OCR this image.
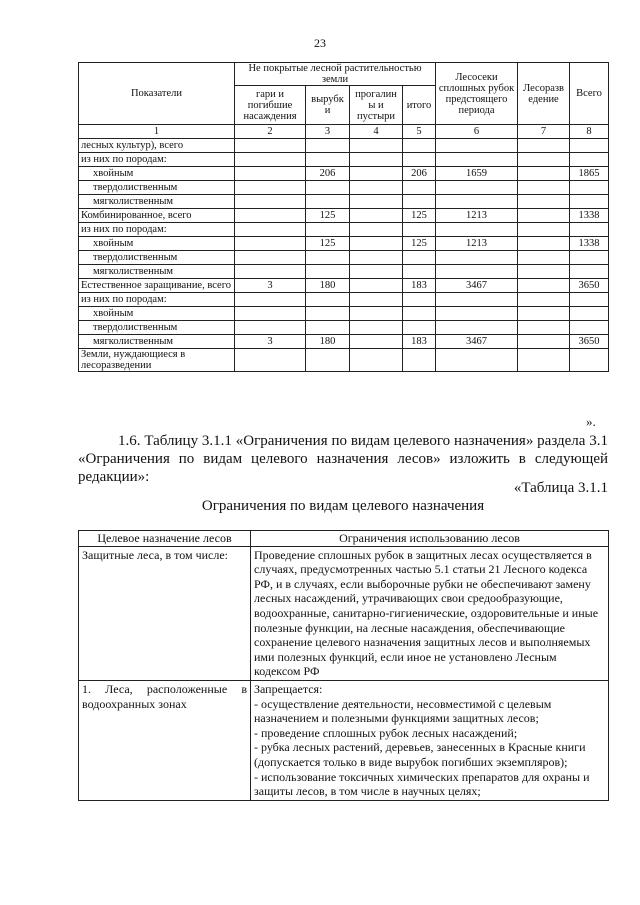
23
Показатели	Не покрытые лесной растительностью земли				Лесосеки сплошных рубок предстоящего периода	Лесоразв едение	Всего
	гари и погибшие насаждения	вырубк и	прогалин ы и пустыри	итого			
1	2	3	4	5	6	7	8
лесных культур), всего							
из них по породам:							
хвойным		206		206	1659		1865
твердолиственным							
мягколиственным							
Комбинированное, всего		125		125	1213		1338
из них по породам:							
хвойным		125		125	1213		1338
твердолиственным							
мягколиственным							
Естественное заращивание, всего	3	180		183	3467		3650
из них по породам:							
хвойным							
твердолиственным							
мягколиственным	3	180		183	3467		3650
Земли, нуждающиеся в лесоразведении							
».

1.6. Таблицу 3.1.1 «Ограничения по видам целевого назначения» раздела 3.1 «Ограничения по видам целевого назначения лесов» изложить в следующей редакции»:

«Таблица 3.1.1
Ограничения по видам целевого назначения
Целевое назначение лесов	Ограничения использованию лесов
Защитные леса, в том числе:	Проведение сплошных рубок в защитных лесах осуществляется в случаях, предусмотренных частью 5.1 статьи 21 Лесного кодекса РФ, и в случаях, если выборочные рубки не обеспечивают замену лесных насаждений, утрачивающих свои средообразующие, водоохранные, санитарно-гигиенические, оздоровительные и иные полезные функции, на лесные насаждения, обеспечивающие сохранение целевого назначения защитных лесов и выполняемых ими полезных функций, если иное не установлено Лесным кодексом РФ
1. Леса, расположенные в водоохранных зонах	Запрещается:
- осуществление деятельности, несовместимой с целевым назначением и полезными функциями защитных лесов;
- проведение сплошных рубок лесных насаждений;
- рубка лесных растений, деревьев, занесенных в Красные книги (допускается только в виде вырубок погибших экземпляров);
- использование токсичных химических препаратов для охраны и защиты лесов, в том числе в научных целях;
